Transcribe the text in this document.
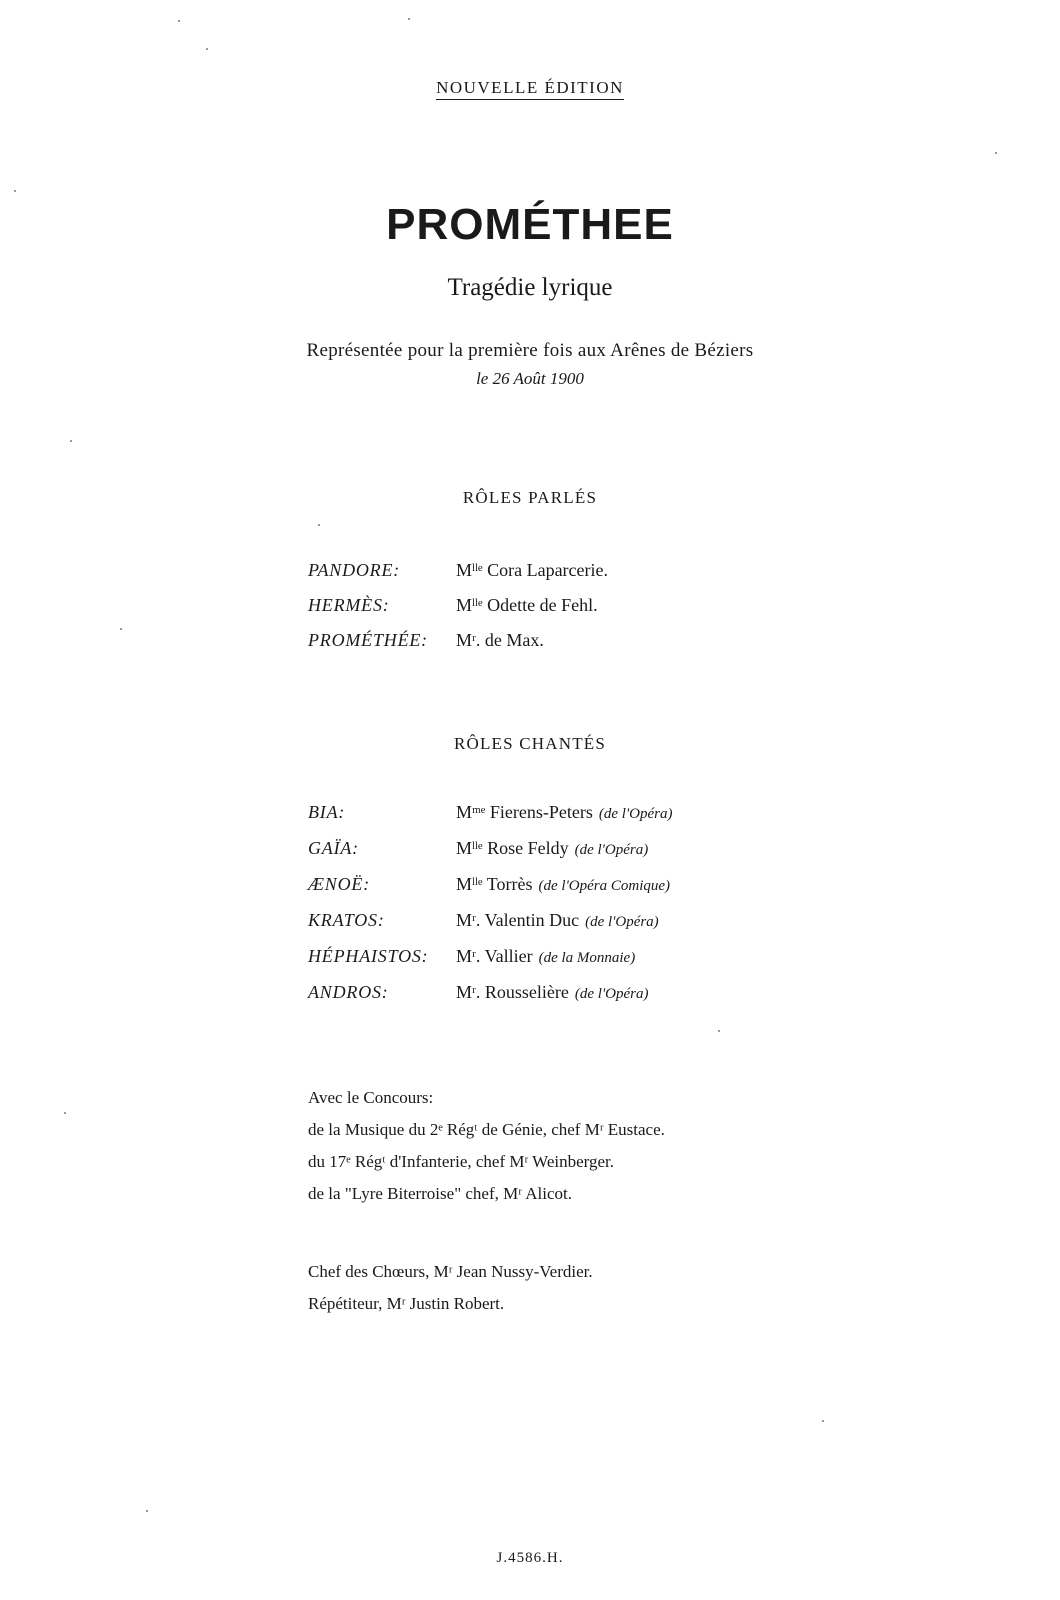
NOUVELLE ÉDITION
PROMÉTHEE
Tragédie lyrique
Représentée pour la première fois aux Arênes de Béziers
le 26 Août 1900
RÔLES PARLÉS
PANDORE:	Mˡˡᵉ Cora Laparcerie.
HERMÈS:	Mˡˡᵉ Odette de Fehl.
PROMÉTHÉE: Mʳ. de Max.
RÔLES CHANTÉS
BIA:	Mᵐᵉ Fierens-Peters (de l'Opéra)
GAÏA:	Mˡˡᵉ Rose Feldy (de l'Opéra)
ÆNOË:	Mˡˡᵉ Torrès (de l'Opéra Comique)
KRATOS:	Mʳ. Valentin Duc (de l'Opéra)
HÉPHAISTOS: Mʳ. Vallier (de la Monnaie)
ANDROS:	Mʳ. Rousselière (de l'Opéra)
Avec le Concours:
de la Musique du 2ᵉ Régᵗ de Génie, chef Mʳ Eustace.
du 17ᵉ Régᵗ d'Infanterie, chef Mʳ Weinberger.
de la "Lyre Biterroise" chef, Mʳ Alicot.
Chef des Chœurs, Mʳ Jean Nussy-Verdier.
Répétiteur, Mʳ Justin Robert.
J.4586.H.
